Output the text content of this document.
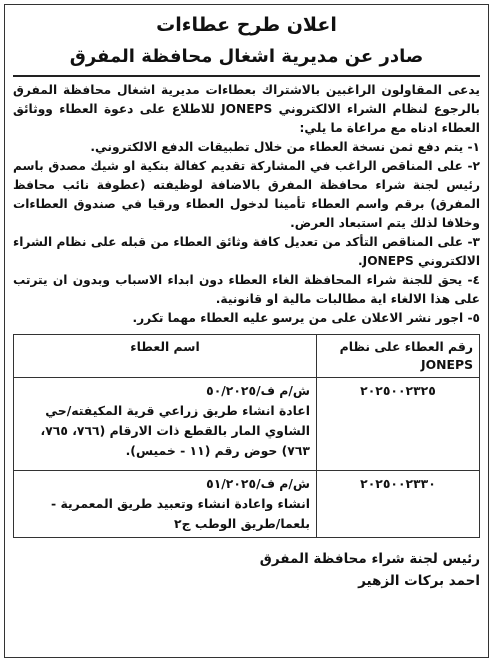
اعلان طرح عطاءات
صادر عن مديرية اشغال محافظة المفرق
يدعى المقاولون الراغبين بالاشتراك بعطاءات مديرية اشغال محافظة المفرق بالرجوع لنظام الشراء الالكتروني JONEPS للاطلاع على دعوة العطاء ووثائق العطاء ادناه مع مراعاة ما يلي:
١- يتم دفع ثمن نسخة العطاء من خلال تطبيقات الدفع الالكتروني.
٢- على المناقص الراغب في المشاركة تقديم كفالة بنكية او شيك مصدق باسم رئيس لجنة شراء محافظة المفرق بالاضافة لوظيفته (عطوفة نائب محافظ المفرق) برقم واسم العطاء تأمينا لدخول العطاء ورقيا في صندوق العطاءات وخلافا لذلك يتم استبعاد العرض.
٣- على المناقص التأكد من تعديل كافة وثائق العطاء من قبله على نظام الشراء الالكتروني JONEPS.
٤- يحق للجنة شراء المحافظة الغاء العطاء دون ابداء الاسباب وبدون ان يترتب على هذا الالغاء اية مطالبات مالية او قانونية.
٥- اجور نشر الاعلان على من يرسو عليه العطاء مهما تكرر.
رقم العطاء على نظام JONEPS	اسم العطاء
٢٠٢٥٠٠٢٣٢٥	ش/م ف/٥٠/٢٠٢٥
اعادة انشاء طريق زراعي قرية المكيفته/حي الشاوي المار بالقطع ذات الارقام (٧٦٦، ٧٦٥، ٧٦٣) حوض رقم (١١ - خميس).

٢٠٢٥٠٠٢٣٣٠	ش/م ف/٥١/٢٠٢٥
انشاء واعادة انشاء وتعبيد طريق المعمرية - بلعما/طريق الوطب ج٢
رئيس لجنة شراء محافظة المفرق
احمد بركات الزهير
